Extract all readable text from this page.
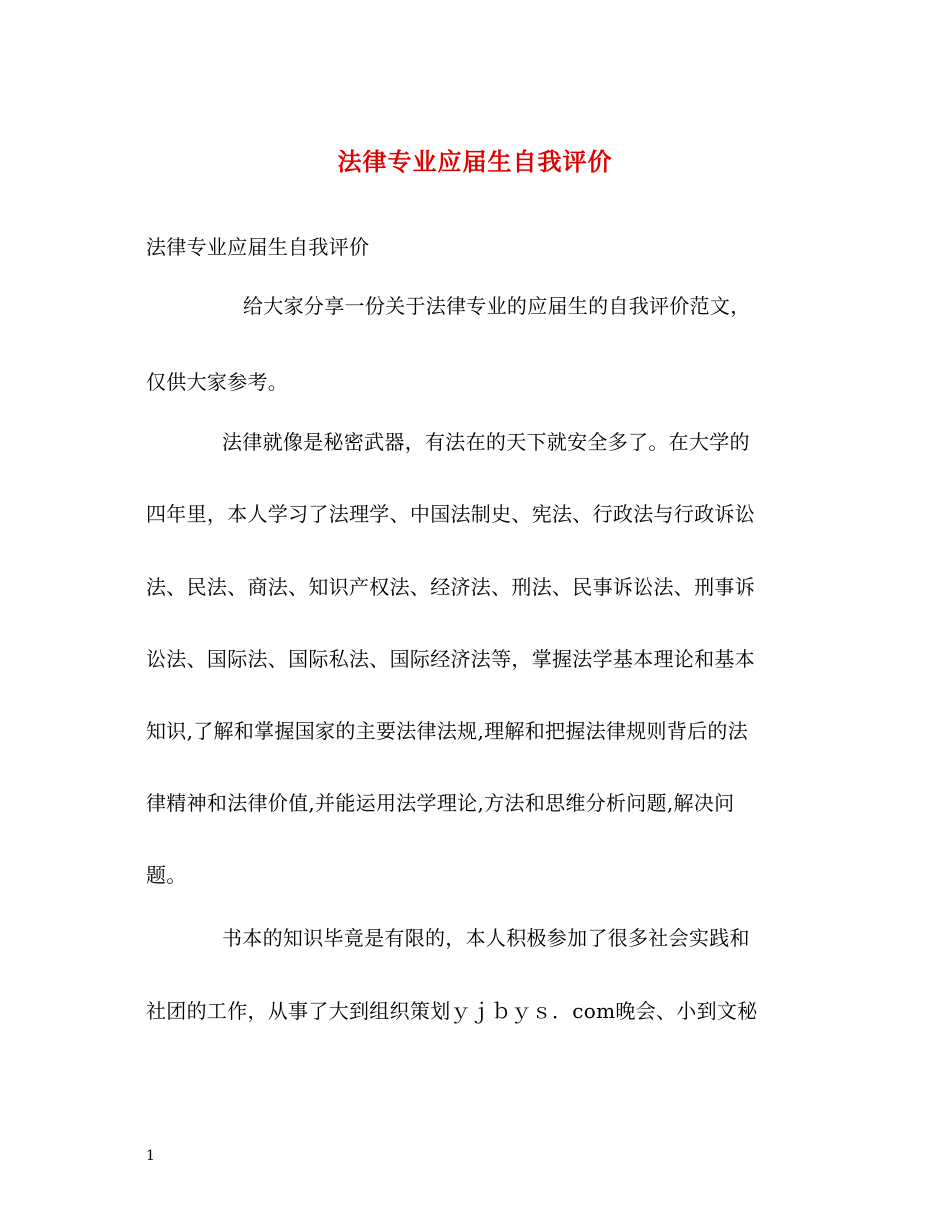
法律专业应届生自我评价
法律专业应届生自我评价
给大家分享一份关于法律专业的应届生的自我评价范文，
仅供大家参考。
法律就像是秘密武器，有法在的天下就安全多了。在大学的
四年里，本人学习了法理学、中国法制史、宪法、行政法与行政诉讼
法、民法、商法、知识产权法、经济法、刑法、民事诉讼法、刑事诉
讼法、国际法、国际私法、国际经济法等，掌握法学基本理论和基本
知识,了解和掌握国家的主要法律法规,理解和把握法律规则背后的法
律精神和法律价值,并能运用法学理论,方法和思维分析问题,解决问
题。
书本的知识毕竟是有限的，本人积极参加了很多社会实践和
社团的工作，从事了大到组织策划ｙｊｂｙｓ．com晚会、小到文秘
1
